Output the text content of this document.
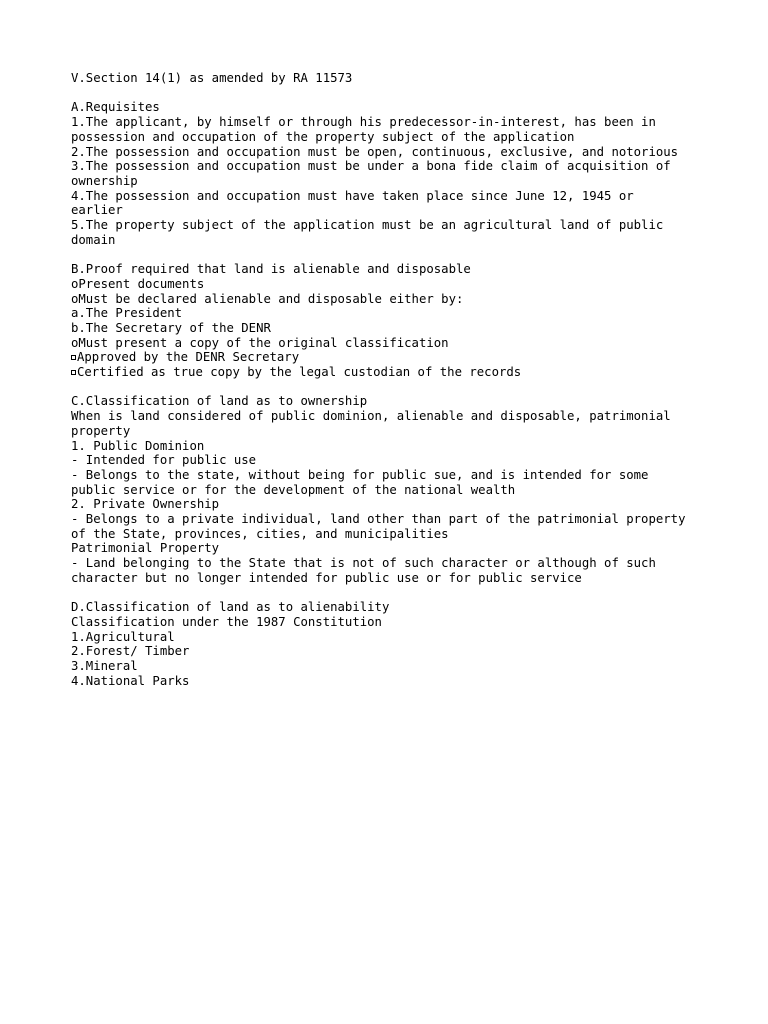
V.Section 14(1) as amended by RA 11573
A.Requisites
1.The applicant, by himself or through his predecessor-in-interest, has been in
possession and occupation of the property subject of the application
2.The possession and occupation must be open, continuous, exclusive, and notorious
3.The possession and occupation must be under a bona fide claim of acquisition of
ownership
4.The possession and occupation must have taken place since June 12, 1945 or
earlier
5.The property subject of the application must be an agricultural land of public
domain
B.Proof required that land is alienable and disposable
oPresent documents
oMust be declared alienable and disposable either by:
a.The President
b.The Secretary of the DENR
oMust present a copy of the original classification
Approved by the DENR Secretary
Certified as true copy by the legal custodian of the records
C.Classification of land as to ownership
When is land considered of public dominion, alienable and disposable, patrimonial
property
1. Public Dominion
- Intended for public use
- Belongs to the state, without being for public sue, and is intended for some
public service or for the development of the national wealth
2. Private Ownership
- Belongs to a private individual, land other than part of the patrimonial property
of the State, provinces, cities, and municipalities
Patrimonial Property
- Land belonging to the State that is not of such character or although of such
character but no longer intended for public use or for public service
D.Classification of land as to alienability
Classification under the 1987 Constitution
1.Agricultural
2.Forest/ Timber
3.Mineral
4.National Parks
